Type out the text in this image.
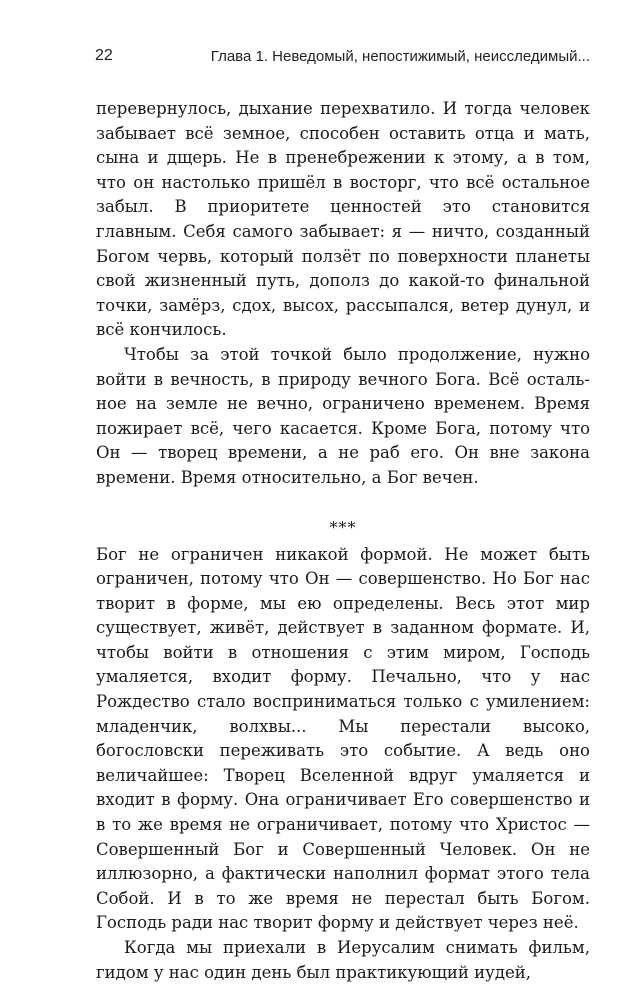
22	Глава 1. Неведомый, непостижимый, неисследимый...

перевернулось, дыхание перехватило. И тогда человек забывает всё земное, способен оставить отца и мать, сына и дщерь. Не в пренебрежении к этому, а в том, что он настолько пришёл в восторг, что всё остальное забыл. В приоритете ценностей это становится главным. Себя самого забывает: я — ничто, созданный Богом червь, который ползёт по поверхности планеты свой жизненный путь, дополз до какой-то финальной точки, замёрз, сдох, высох, рассыпался, ветер дунул, и всё кончилось.

Чтобы за этой точкой было продолжение, нужно войти в вечность, в природу вечного Бога. Всё остальное на земле не вечно, ограничено временем. Время пожирает всё, чего касается. Кроме Бога, потому что Он — творец времени, а не раб его. Он вне закона времени. Время относительно, а Бог вечен.

***

Бог не ограничен никакой формой. Не может быть ограничен, потому что Он — совершенство. Но Бог нас творит в форме, мы ею определены. Весь этот мир существует, живёт, действует в заданном формате. И, чтобы войти в отношения с этим миром, Господь умаляется, входит форму. Печально, что у нас Рождество стало восприниматься только с умилением: младенчик, волхвы... Мы перестали высоко, богословски переживать это событие. А ведь оно величайшее: Творец Вселенной вдруг умаляется и входит в форму. Она ограничивает Его совершенство и в то же время не ограничивает, потому что Христос — Совершенный Бог и Совершенный Человек. Он не иллюзорно, а фактически наполнил формат этого тела Собой. И в то же время не перестал быть Богом. Господь ради нас творит форму и действует через неё.

Когда мы приехали в Иерусалим снимать фильм, гидом у нас один день был практикующий иудей,
